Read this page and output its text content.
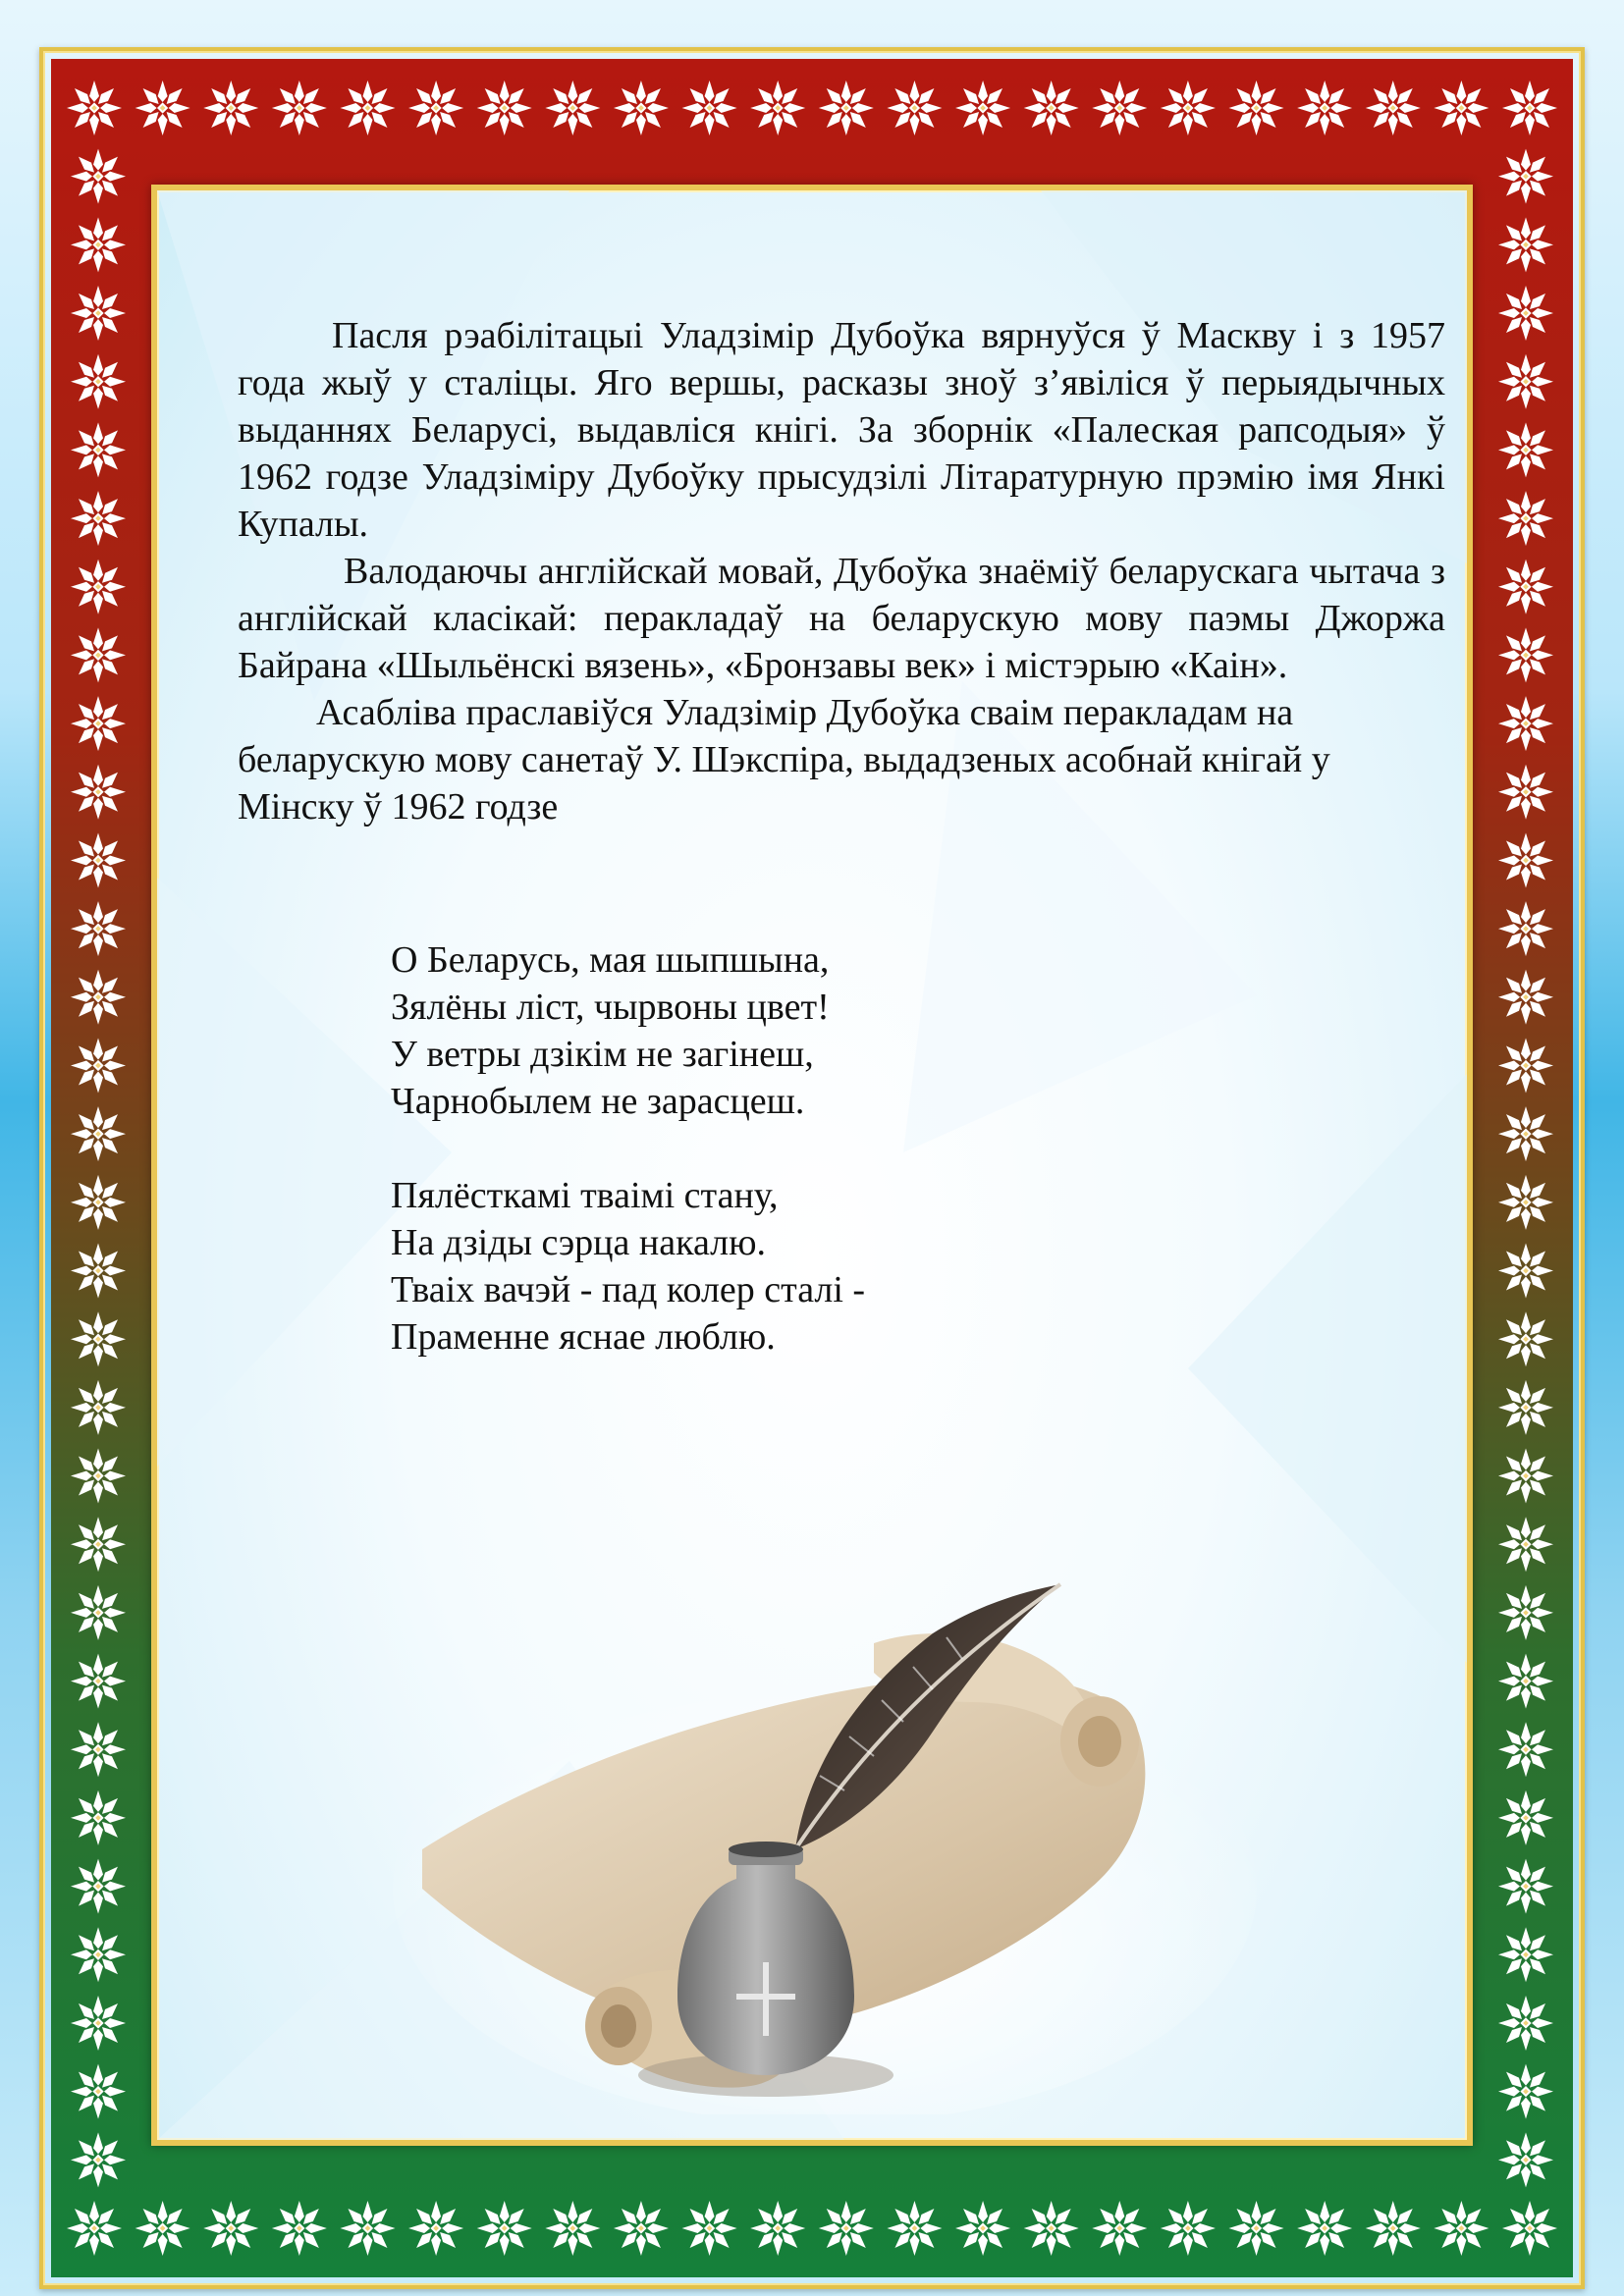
Пасля рэабілітацыі Уладзімір Дубоўка вярнуўся ў Маскву і з 1957 года жыў у сталіцы. Яго вершы, расказы зноў з’явіліся ў перыядычных выданнях Беларусі, выдавліся кнігі. За зборнік «Палеская рапсодыя» ў 1962 годзе Уладзіміру Дубоўку прысудзілі Літаратурную прэмію імя Янкі Купалы.

Валодаючы англійскай мовай, Дубоўка знаёміў беларускага чытача з англійскай класікай: перакладаў на беларускую мову паэмы Джоржа Байрана «Шыльёнскі вязень», «Бронзавы век» і містэрыю «Каін».

Асабліва праславіўся Уладзімір Дубоўка сваім перакладам на беларускую мову санетаў У. Шэкспіра, выдадзеных асобнай кнігай у Мінску ў 1962 годзе

О Беларусь, мая шыпшына,
Зялёны ліст, чырвоны цвет!
У ветры дзікім не загінеш,
Чарнобылем не зарасцеш.
Пялёсткамі тваімі стану,
На дзіды сэрца накалю.
Тваіх вачэй - пад колер сталі -
Праменне яснае люблю.
